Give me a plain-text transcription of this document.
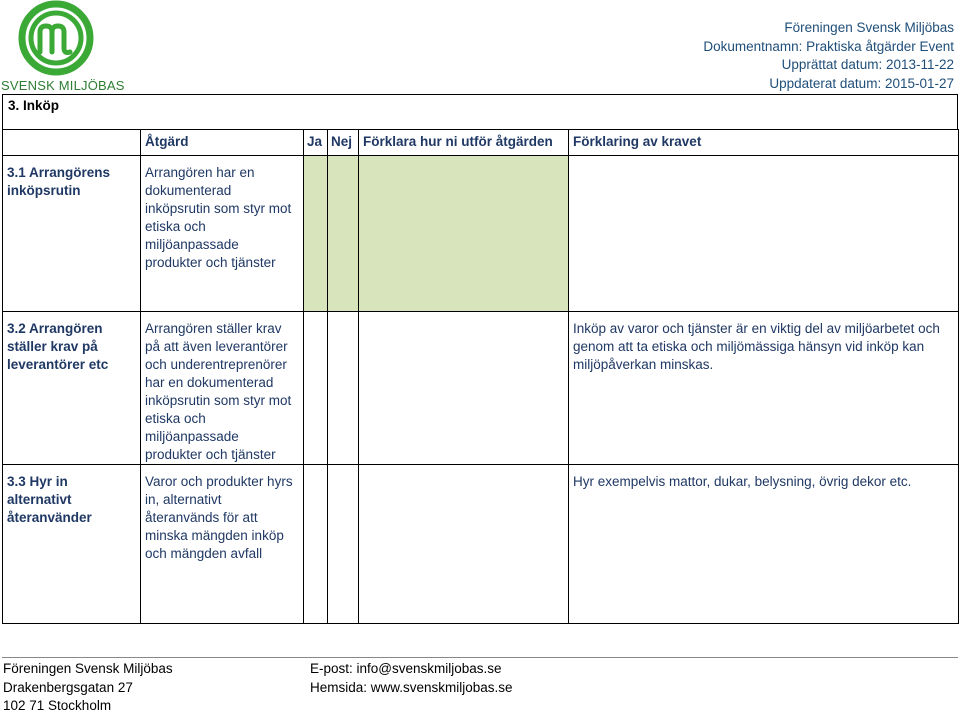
SVENSK MILJÖBAS
Föreningen Svensk Miljöbas
Dokumentnamn: Praktiska åtgärder Event
Upprättat datum: 2013-11-22
Uppdaterat datum: 2015-01-27
3. Inköp

	Åtgärd	Ja	Nej	Förklara hur ni utför åtgärden	Förklaring av kravet

3.1 Arrangörens inköpsrutin	Arrangören har en dokumenterad inköpsrutin som styr mot etiska och miljöanpassade produkter och tjänster				

3.2 Arrangören ställer krav på leverantörer etc	Arrangören ställer krav på att även leverantörer och underentreprenörer har en dokumenterad inköpsrutin som styr mot etiska och miljöanpassade produkter och tjänster				Inköp av varor och tjänster är en viktig del av miljöarbetet och genom att ta etiska och miljömässiga hänsyn vid inköp kan miljöpåverkan minskas.

3.3 Hyr in alternativt återanvänder	Varor och produkter hyrs in, alternativt återanvänds för att minska mängden inköp och mängden avfall				Hyr exempelvis mattor, dukar, belysning, övrig dekor etc.
Föreningen Svensk Miljöbas
Drakenbergsgatan 27
102 71 Stockholm
E-post: info@svenskmiljobas.se
Hemsida: www.svenskmiljobas.se
